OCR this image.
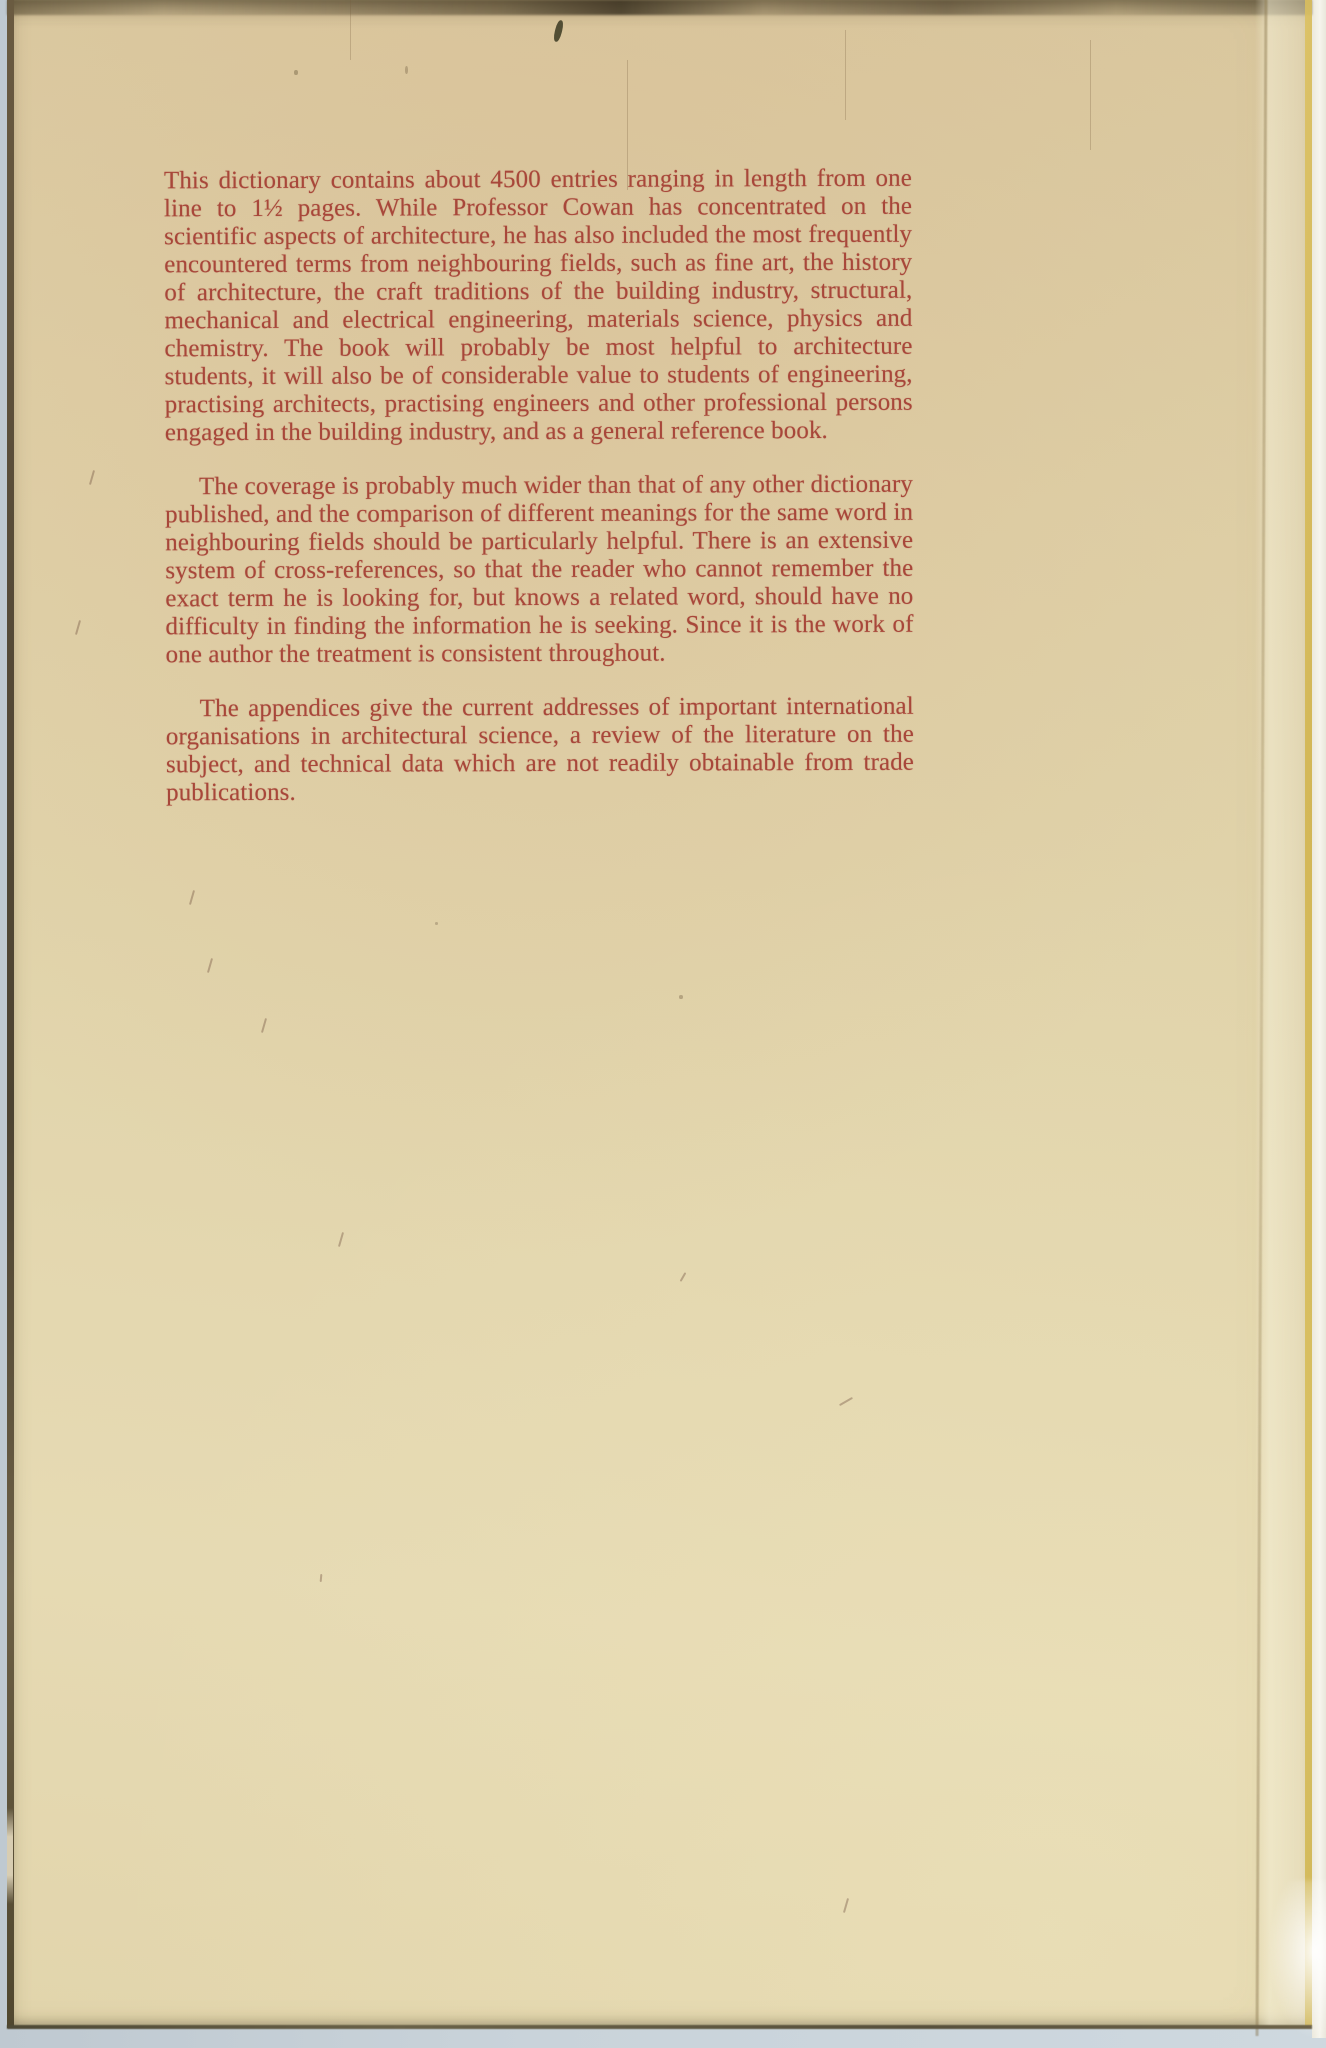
This dictionary contains about 4500 entries ranging in length from one line to 1½ pages. While Professor Cowan has concentrated on the scientific aspects of architecture, he has also included the most frequently encountered terms from neighbouring fields, such as fine art, the history of architecture, the craft traditions of the building industry, structural, mechanical and electrical engineering, materials science, physics and chemistry. The book will probably be most helpful to architecture students, it will also be of considerable value to students of engineering, practising architects, practising engineers and other professional persons engaged in the building industry, and as a general reference book.

The coverage is probably much wider than that of any other dictionary published, and the comparison of different meanings for the same word in neighbouring fields should be particularly helpful. There is an extensive system of cross-references, so that the reader who cannot remember the exact term he is looking for, but knows a related word, should have no difficulty in finding the information he is seeking. Since it is the work of one author the treatment is consistent throughout.

The appendices give the current addresses of important international organisations in architectural science, a review of the literature on the subject, and technical data which are not readily obtainable from trade publications.
